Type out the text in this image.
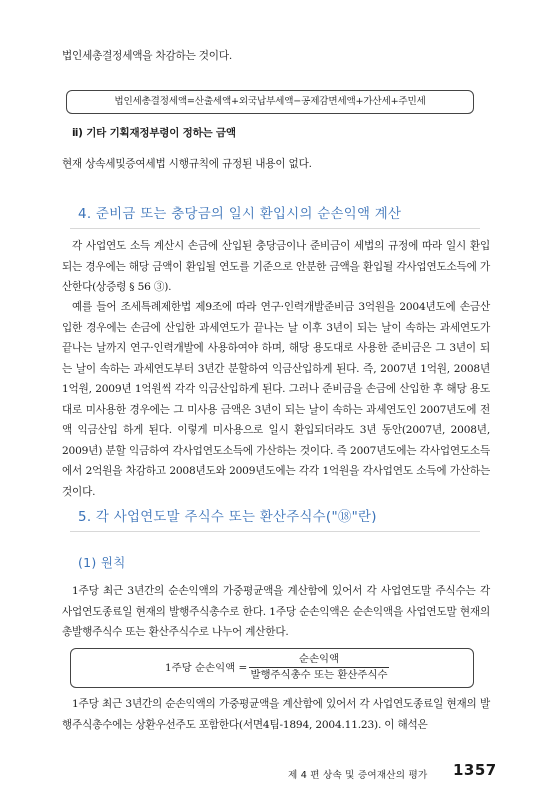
법인세총결정세액을 차감하는 것이다.

법인세총결정세액=산출세액+외국납부세액−공제감면세액+가산세+주민세
ⅱ) 기타 기획재정부령이 정하는 금액

현재 상속세및증여세법 시행규칙에 규정된 내용이 없다.

4. 준비금 또는 충당금의 일시 환입시의 순손익액 계산

각 사업연도 소득 계산시 손금에 산입된 충당금이나 준비금이 세법의 규정에 따라 일시 환입되는 경우에는 해당 금액이 환입될 연도를 기준으로 안분한 금액을 환입될 각사업연도소득에 가산한다(상증령 § 56 ③).

예를 들어 조세특례제한법 제9조에 따라 연구·인력개발준비금 3억원을 2004년도에 손금산입한 경우에는 손금에 산입한 과세연도가 끝나는 날 이후 3년이 되는 날이 속하는 과세연도가 끝나는 날까지 연구·인력개발에 사용하여야 하며, 해당 용도대로 사용한 준비금은 그 3년이 되는 날이 속하는 과세연도부터 3년간 분할하여 익금산입하게 된다. 즉, 2007년 1억원, 2008년 1억원, 2009년 1억원씩 각각 익금산입하게 된다. 그러나 준비금을 손금에 산입한 후 해당 용도대로 미사용한 경우에는 그 미사용 금액은 3년이 되는 날이 속하는 과세연도인 2007년도에 전액 익금산입 하게 된다. 이렇게 미사용으로 일시 환입되더라도 3년 동안(2007년, 2008년, 2009년) 분할 익금하여 각사업연도소득에 가산하는 것이다. 즉 2007년도에는 각사업연도소득에서 2억원을 차감하고 2008년도와 2009년도에는 각각 1억원을 각사업연도 소득에 가산하는 것이다.

5. 각 사업연도말 주식수 또는 환산주식수("⑱"란)
(1) 원칙

1주당 최근 3년간의 순손익액의 가중평균액을 계산함에 있어서 각 사업연도말 주식수는 각 사업연도종료일 현재의 발행주식총수로 한다. 1주당 순손익액은 순손익액을 사업연도말 현재의 총발행주식수 또는 환산주식수로 나누어 계산한다.

1주당 순손익액 =
순손익액
발행주식총수 또는 환산주식수

1주당 최근 3년간의 순손익액의 가중평균액을 계산함에 있어서 각 사업연도종료일 현재의 발행주식총수에는 상환우선주도 포함한다(서면4팀-1894, 2004.11.23). 이 해석은

제 4 편 상속 및 증여재산의 평가 1357
